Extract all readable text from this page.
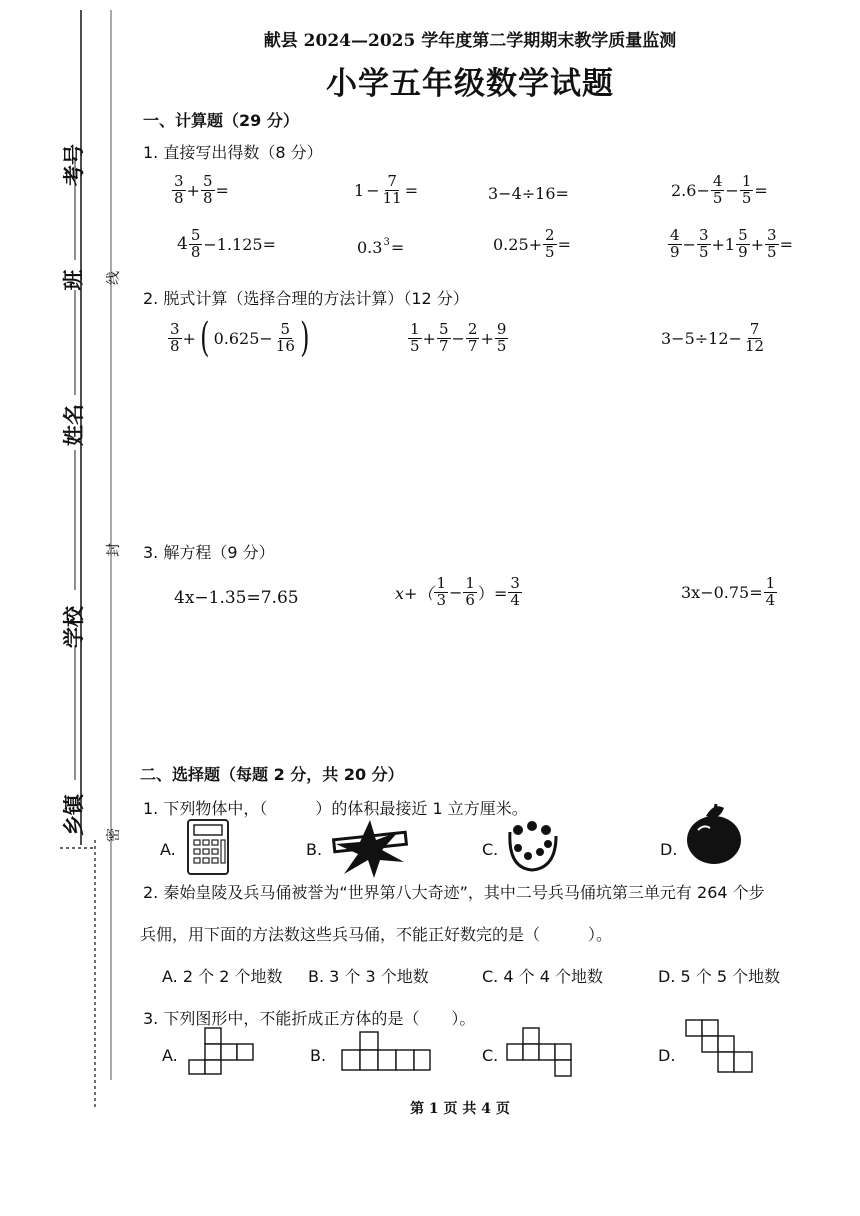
考号
班
姓名
学校
乡镇
线
封
密
献县 2024—2025 学年度第二学期期末教学质量监测
小学五年级数学试题
一、计算题（29 分）
1. 直接写出得数（8 分）
$\frac{3}{8} + \frac{5}{8}$ =	$1 - \frac{7}{11}$ =	3−4÷16=	$2.6- \frac{4}{5} - \frac{1}{5}$ =
$4 \frac{5}{8} -1.125=$	$0.3^3$ =	$0.25+ \frac{2}{5}$ =	$\frac{4}{9} - \frac{3}{5} +1 \frac{5}{9} + \frac{3}{5}$ =
2. 脱式计算（选择合理的方法计算）（12 分）
$\frac{3}{8}$ + ( $0.625- \frac{5}{16}$ )	$\frac{1}{5} + \frac{5}{7} - \frac{2}{7} + \frac{9}{5}$	$3-5\div 12- \frac{7}{12}$
3. 解方程（9 分）
4x−1.35=7.65	$x+( \frac{1}{3} - \frac{1}{6}$ ）= $\frac{3}{4}$	$3x-0.75= \frac{1}{4}$
二、选择题（每题 2 分，共 20 分）
1. 下列物体中，（　　　）的体积最接近 1 立方厘米。
A.	B.	C.	D.
2. 秦始皇陵及兵马俑被誉为“世界第八大奇迹”，其中二号兵马俑坑第三单元有 264 个步
兵佣，用下面的方法数这些兵马俑，不能正好数完的是（　　　）。
A. 2 个 2 个地数 B. 3 个 3 个地数	C. 4 个 4 个地数	D. 5 个 5 个地数
3. 下列图形中，不能折成正方体的是（　　）。
A.	B.	C.	D.
第 1 页 共 4 页
